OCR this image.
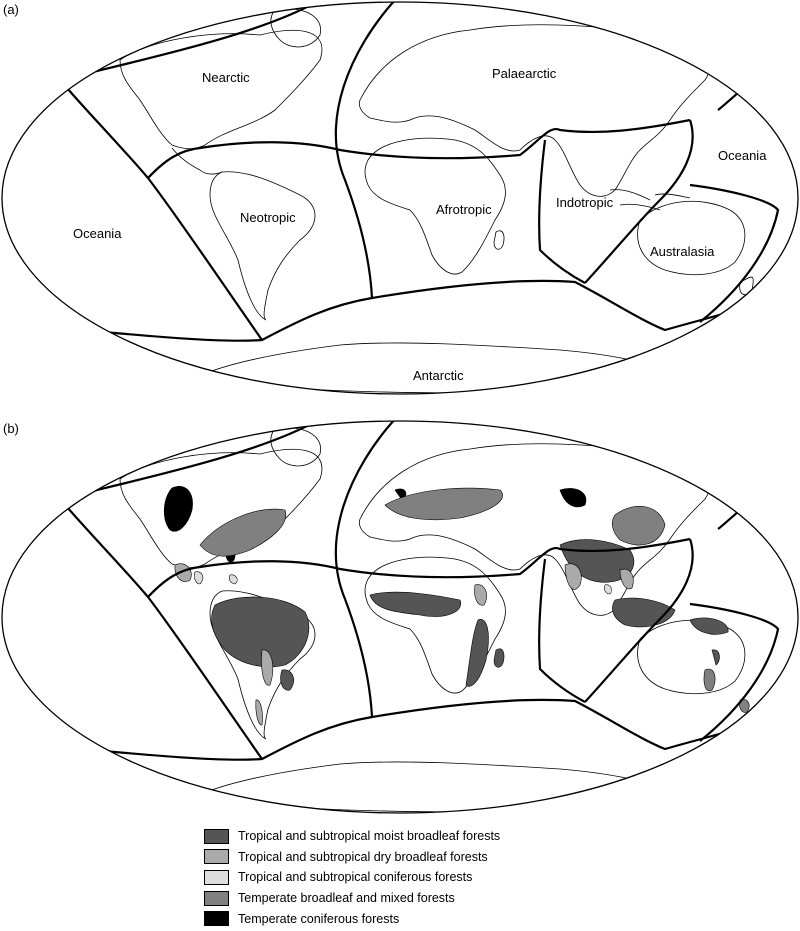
(a)
(b)
Nearctic	Palaearctic
Neotropic
Afrotropic	Indotropic
Australasia
Oceania
Oceania
Antarctic
Tropical and subtropical moist broadleaf forests
Tropical and subtropical dry broadleaf forests
Tropical and subtropical coniferous forests
Temperate broadleaf and mixed forests
Temperate coniferous forests
